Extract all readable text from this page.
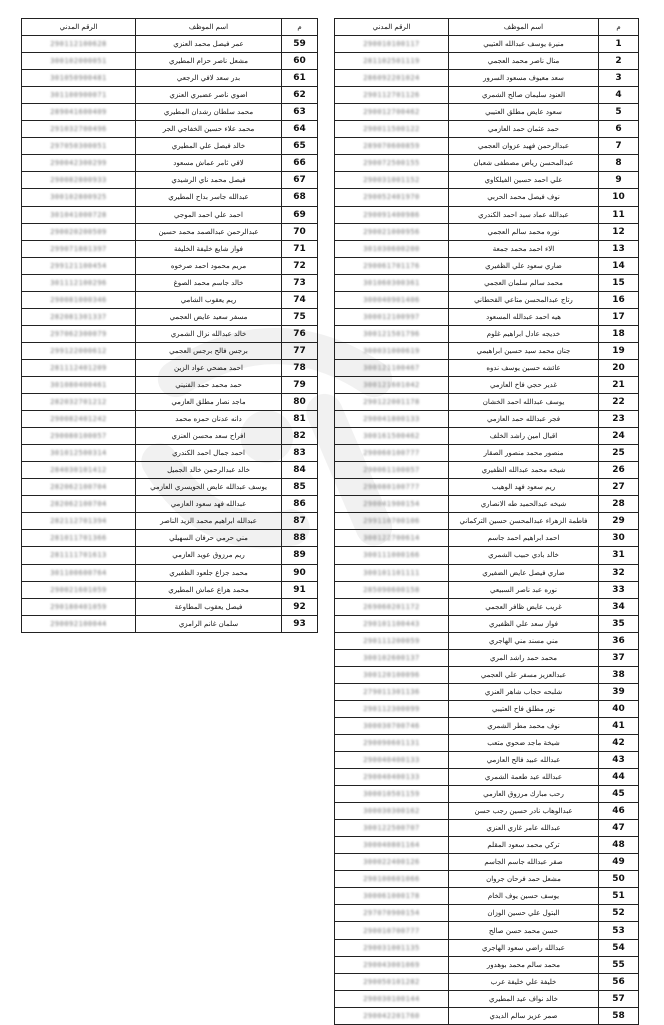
م	اسم الموظف	الرقم المدني
1	منيرة يوسف عبدالله العتيبي	290010100117
2	منال ناصر محمد العجمي	281102501119
3	سعد معيوف مسعود السرور	286092201024
4	العنود سليمان صالح الشمري	290112701126
5	سعود عايض مطلق العتيبي	290012700462
6	حمد عثمان حمد العازمي	290011500122
7	عبدالرحمن فهيد عزوان العجمي	289070600859
8	عبدالمحسن رياض مصطفى شعبان	290072500155
9	علي احمد حسين الفيلكاوي	290031001152
10	نوف فيصل محمد الحربي	290052401970
11	عبدالله عماد سيد احمد الكندري	290091400986
12	نوره محمد سالم العجمي	290021000956
13	الاء احمد محمد جمعة	301030600200
14	ضاري سعود علي الظفيري	290061701176
15	محمد سالم سلمان العجمي	301060300361
16	رتاج عبدالمحسن متاعي القحطاني	300040901406
17	هيه احمد عبدالله المسعود	300012100997
18	خديجه عادل ابراهيم غلوم	300121501796
19	جنان محمد سيد حسين ابراهيمي	300031000619
20	عائشه حسين يوسف ندوه	300121100467
21	غدير حجي فاخ العازمي	300121601042
22	يوسف عبدالله احمد الخشان	290122001178
23	فجر عبدالله حمد العازمي	290041800133
24	اقبال امين راشد الخلف	300161500462
25	منصور محمد منصور الصقار	290060100777
26	شيخه محمد عبدالله الظفيري	290061100057
27	ريم سعود فهد الوهيب	290080100777
28	شيخه عبدالحميد طه الانصاري	290041900154
29	فاطمة الزهراء عبدالمحسن حسين التركماني	299110700106
30	احمد ابراهيم احمد جاسم	300122700614
31	خالد بادي حبيب الشمري	300111000166
32	ضاري فيصل عايض الضفيري	300101101111
33	نوره عبد ناصر السبيعي	285090600158
34	غريب عايض ظافر العجمي	269060201172
35	فواز سعد علي الظفيري	290101100443
36	مني مسند مني الهاجري	290111200059
37	محمد حمد راشد المري	300102600137
38	عبدالعزيز مسفر علي العجمي	300120100096
39	شلبحه حجاب شاهر العنزي	279011301136
40	نور مطلق فاح العتيبي	290112300099
41	نوف محمد مطر الشمري	300030700746
42	شيخة ماجد ضحوي متعب	290090601131
43	عبدالله عبيد فالح العازمي	290040400133
44	عبدالله عيد طعمة الشمري	290040400133
45	رحب مبارك مرزوق العازمي	300010501159
46	عبدالوهاب نادر حسين رجب حسن	300030300162
47	عبدالله عامر غازي العنزي	300122500707
48	تركي محمد سعود المقلم	300040801164
49	صقر عبدالله جاسم الجاسم	300022400126
50	مشعل حمد فرحان جروان	290100601066
51	يوسف حسين يوف الخام	300061000178
52	البتول علي حسين الوزان	297070900154
53	حسن محمد حسن صالح	290010700777
54	عبدالله راضي سعود الهاجري	290031001135
55	محمد سالم محمد بوهدور	290043001069
56	خليفة علي خليفة عرب	290050101282
57	خالد نواف عيد المطيري	290030100144
58	صمر عزيز سالم الديدي	290042201760
م	اسم الموظف	الرقم المدني
59	عمر فيصل محمد العنزي	290112100628
60	مشعل ناصر حزام المطيري	300102000051
61	بدر سعد لافي الرجعي	301050900481
62	اضوي ناصر عضبري العنزي	301100900071
63	محمد سلطان رشدان المطيري	289041600409
64	محمد علاء حسين الخفاجي الجر	291032700496
65	خالد فيصل علي المطيري	297050300051
66	لافي ثامر عماش مسعود	290042300299
67	فيصل محمد ناي الرشيدي	290082800933
68	عبدالله جاسر بداح المطيري	300102800925
69	احمد علي احمد الموجي	301041000728
70	عبدالرحمن عبدالصمد محمد حسين	290020200509
71	فواز شايع خليفة الخليفة	299071801397
72	مريم محمود احمد صرخوه	299121100454
73	خالد جاسم محمد الصوغ	301112100296
74	ريم يعقوب الشامي	290081000346
75	مسفر سعيد عايض العجمي	282081301337
76	خالد عبدالله نزال الشمري	297062300079
77	برجس فالح برجس العجمي	299122000612
78	احمد مضحي عواد الزين	281112401209
79	حمد محمد حمد الفنيني	301080400461
80	ماجد نصار مطلق العازمي	282032701212
81	دانه عدنان حمزه محمد	290082401242
82	افراح سعد محسن العنزي	290080100057
83	احمد جمال احمد الكندري	301012500314
84	خالد عبدالرحمن خالد الجميل	284030101412
85	يوسف عبدالله عايض الحويسري العازمي	282062100704
86	عبدالله فهد سعود العازمي	282062100704
87	عبدالله ابراهيم محمد الزيد الناصر	282112701394
88	مني حرمي حرفان السهيلي	281011701366
89	ريم مرزوق عويد العازمي	281111701613
90	محمد جزاع جلعود الظفيري	301100600764
91	محمد هزاع عماش المطيري	290021601059
92	فيصل يعقوب المطاوعة	290180401059
93	سلمان غانم الرامزي	290092100044
